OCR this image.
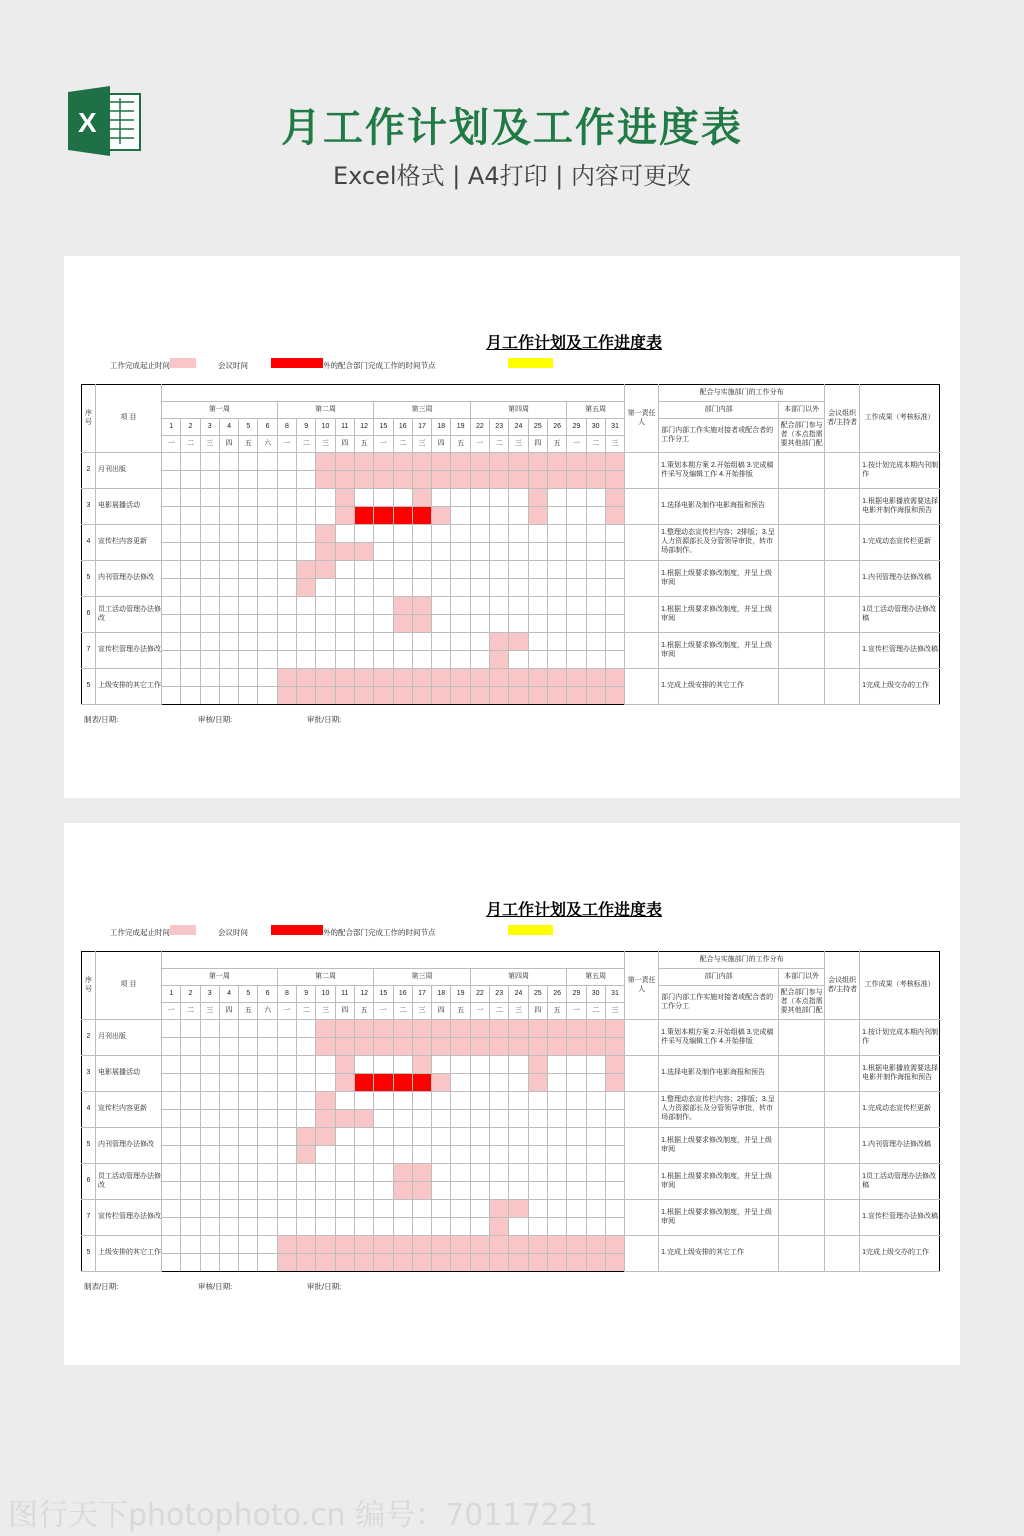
X	月工作计划及工作进度表
Excel格式 | A4打印 | 内容可更改
月工作计划及工作进度表
工作完成起止时间	会议时间	外的配合部门完成工作的时间节点
序号	项 目																									第一责任人	配合与实施部门的工作分布		会议组织者/主持者	工作成果（考核标准）
		第一周						第二周					第三周					第四周					第五周				部门内部	本部门以外		
		1	2	3	4	5	6	8	9	10	11	12	15	16	17	18	19	22	23	24	25	26	29	30	31		部门内部工作实施对接者或配合者的工作分工	配合部门参与者（本点指需要其他部门配		
		一	二	三	四	五	六	一	二	三	四	五	一	二	三	四	五	一	二	三	四	五	一	二	三					
2	月刊出版																										1.策划本期方案 2.开始组稿 3.完成稿件采写及编辑工作 4.开始排版			1.按计划完成本期内刊制作

3	电影展播活动																										1.选择电影及制作电影海报和预告			1.根据电影播放需要选择电影并制作海报和预告

4	宣传栏内容更新																										1.整理动态宣传栏内容；2排版；3.呈人力资源部长及分管领导审批，转市场部制作。			1.完成动态宣传栏更新

5	内刊管理办法修改																										1.根据上级要求修改制度，并呈上级审阅			1.内刊管理办法修改稿

6	员工活动管理办法修改																										1.根据上级要求修改制度，并呈上级审阅			1员工活动管理办法修改稿

7	宣传栏管理办法修改																										1.根据上级要求修改制度，并呈上级审阅			1.宣传栏管理办法修改稿

5	上级安排的其它工作																										1.完成上级安排的其它工作			1完成上级交办的工作

制表/日期:	审核/日期:	审批/日期:
月工作计划及工作进度表
工作完成起止时间	会议时间	外的配合部门完成工作的时间节点
序号	项 目																									第一责任人	配合与实施部门的工作分布		会议组织者/主持者	工作成果（考核标准）
		第一周						第二周					第三周					第四周					第五周				部门内部	本部门以外		
		1	2	3	4	5	6	8	9	10	11	12	15	16	17	18	19	22	23	24	25	26	29	30	31		部门内部工作实施对接者或配合者的工作分工	配合部门参与者（本点指需要其他部门配		
		一	二	三	四	五	六	一	二	三	四	五	一	二	三	四	五	一	二	三	四	五	一	二	三					
2	月刊出版																										1.策划本期方案 2.开始组稿 3.完成稿件采写及编辑工作 4.开始排版			1.按计划完成本期内刊制作

3	电影展播活动																										1.选择电影及制作电影海报和预告			1.根据电影播放需要选择电影并制作海报和预告

4	宣传栏内容更新																										1.整理动态宣传栏内容；2排版；3.呈人力资源部长及分管领导审批，转市场部制作。			1.完成动态宣传栏更新

5	内刊管理办法修改																										1.根据上级要求修改制度，并呈上级审阅			1.内刊管理办法修改稿

6	员工活动管理办法修改																										1.根据上级要求修改制度，并呈上级审阅			1员工活动管理办法修改稿

7	宣传栏管理办法修改																										1.根据上级要求修改制度，并呈上级审阅			1.宣传栏管理办法修改稿

5	上级安排的其它工作																										1.完成上级安排的其它工作			1完成上级交办的工作

制表/日期:	审核/日期:	审批/日期:
图行天下photophoto.cn 编号：70117221
